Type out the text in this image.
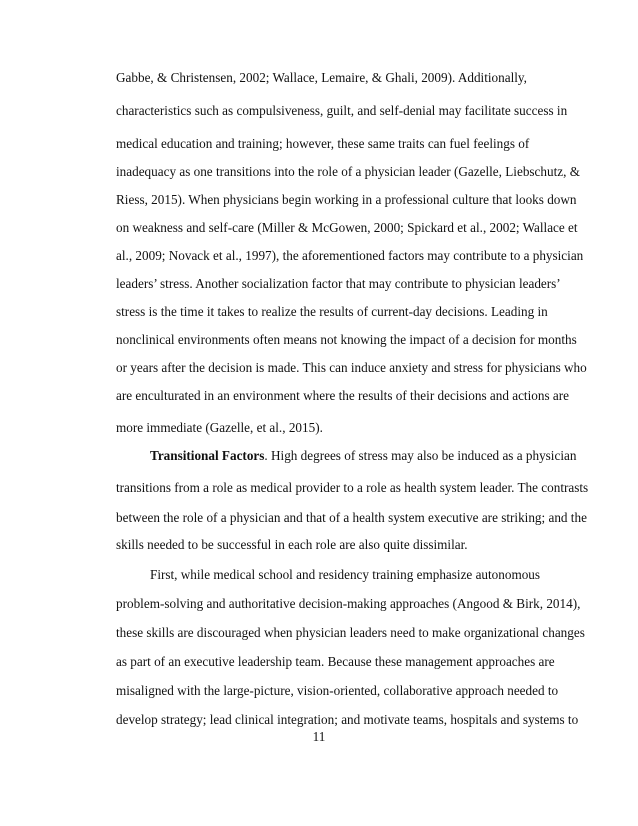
Gabbe, & Christensen, 2002; Wallace, Lemaire, & Ghali, 2009). Additionally,
characteristics such as compulsiveness, guilt, and self-denial may facilitate success in
medical education and training; however, these same traits can fuel feelings of
inadequacy as one transitions into the role of a physician leader (Gazelle, Liebschutz, &
Riess, 2015). When physicians begin working in a professional culture that looks down
on weakness and self-care (Miller & McGowen, 2000; Spickard et al., 2002; Wallace et
al., 2009; Novack et al., 1997), the aforementioned factors may contribute to a physician
leaders’ stress. Another socialization factor that may contribute to physician leaders’
stress is the time it takes to realize the results of current-day decisions. Leading in
nonclinical environments often means not knowing the impact of a decision for months
or years after the decision is made. This can induce anxiety and stress for physicians who
are enculturated in an environment where the results of their decisions and actions are
more immediate (Gazelle, et al., 2015).
Transitional Factors. High degrees of stress may also be induced as a physician
transitions from a role as medical provider to a role as health system leader. The contrasts
between the role of a physician and that of a health system executive are striking; and the
skills needed to be successful in each role are also quite dissimilar.
First, while medical school and residency training emphasize autonomous
problem-solving and authoritative decision-making approaches (Angood & Birk, 2014),
these skills are discouraged when physician leaders need to make organizational changes
as part of an executive leadership team. Because these management approaches are
misaligned with the large-picture, vision-oriented, collaborative approach needed to
develop strategy; lead clinical integration; and motivate teams, hospitals and systems to
11
